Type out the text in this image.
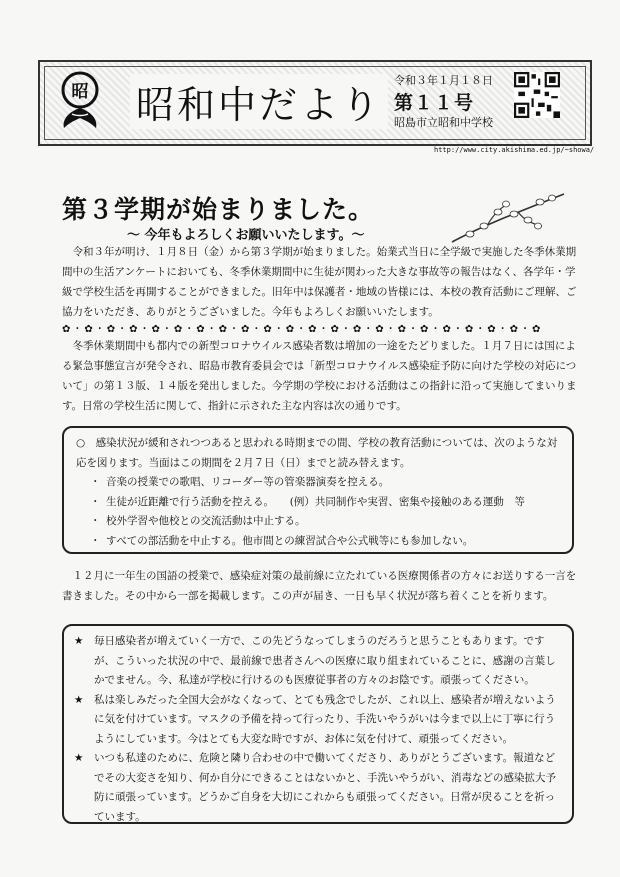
昭 昭和中だより
令和３年１月１８日
第１１号
昭島市立昭和中学校
http://www.city.akishima.ed.jp/~showa/
第３学期が始まりました。
～ 今年もよろしくお願いいたします。～
令和３年が明け、１月８日（金）から第３学期が始まりました。始業式当日に全学級で実施した冬季休業期間中の生活アンケートにおいても、冬季休業期間中に生徒が関わった大きな事故等の報告はなく、各学年・学級で学校生活を再開することができました。旧年中は保護者・地域の皆様には、本校の教育活動にご理解、ご協力をいただき、ありがとうございました。今年もよろしくお願いいたします。
✿・✿・✿・✿・✿・✿・✿・✿・✿・✿・✿・✿・✿・✿・✿・✿・✿・✿・✿・✿・✿・✿
冬季休業期間中も都内での新型コロナウイルス感染者数は増加の一途をたどりました。１月７日には国による緊急事態宣言が発令され、昭島市教育委員会では「新型コロナウイルス感染症予防に向けた学校の対応について」の第１３版、１４版を発出しました。今学期の学校における活動はこの指針に沿って実施してまいります。日常の学校生活に関して、指針に示された主な内容は次の通りです。
○　感染状況が緩和されつつあると思われる時期までの間、学校の教育活動については、次のような対応を図ります。当面はこの期間を２月７日（日）までと読み替えます。
・ 音楽の授業での歌唱、リコーダー等の管楽器演奏を控える。
・ 生徒が近距離で行う活動を控える。　　(例）共同制作や実習、密集や接触のある運動　等
・ 校外学習や他校との交流活動は中止する。
・ すべての部活動を中止する。他市間との練習試合や公式戦等にも参加しない。
１２月に一年生の国語の授業で、感染症対策の最前線に立たれている医療関係者の方々にお送りする一言を書きました。その中から一部を掲載します。この声が届き、一日も早く状況が落ち着くことを祈ります。
★ 毎日感染者が増えていく一方で、この先どうなってしまうのだろうと思うこともあります。ですが、こういった状況の中で、最前線で患者さんへの医療に取り組まれていることに、感謝の言葉しかでません。今、私達が学校に行けるのも医療従事者の方々のお陰です。頑張ってください。
★ 私は楽しみだった全国大会がなくなって、とても残念でしたが、これ以上、感染者が増えないように気を付けています。マスクの予備を持って行ったり、手洗いやうがいは今まで以上に丁寧に行うようにしています。今はとても大変な時ですが、お体に気を付けて、頑張ってください。
★ いつも私達のために、危険と隣り合わせの中で働いてくださり、ありがとうございます。報道などでその大変さを知り、何か自分にできることはないかと、手洗いやうがい、消毒などの感染拡大予防に頑張っています。どうかご自身を大切にこれからも頑張ってください。日常が戻ることを祈っています。
